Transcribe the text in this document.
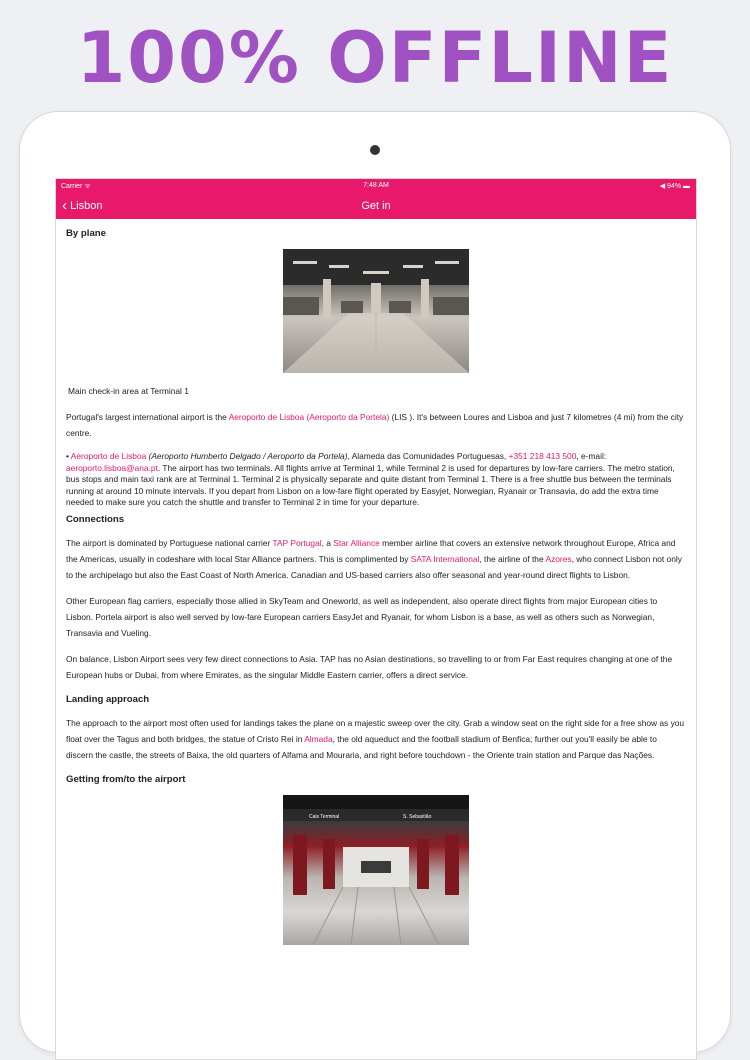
100% OFFLINE
Carrier ᯤ	7:48 AM	◀ 94% ▬
‹ Lisbon	Get in
By plane

Main check-in area at Terminal 1

Portugal's largest international airport is the Aeroporto de Lisboa (Aeroporto da Portela) (LIS ). It's between Loures and Lisboa and just 7 kilometres (4 mi) from the city centre.

• Aeroporto de Lisboa (Aeroporto Humberto Delgado / Aeroporto da Portela), Alameda das Comunidades Portuguesas, +351 218 413 500, e-mail: aeroporto.lisboa@ana.pt. The airport has two terminals. All flights arrive at Terminal 1, while Terminal 2 is used for departures by low-fare carriers. The metro station, bus stops and main taxi rank are at Terminal 1. Terminal 2 is physically separate and quite distant from Terminal 1. There is a free shuttle bus between the terminals running at around 10 minute intervals. If you depart from Lisbon on a low-fare flight operated by Easyjet, Norwegian, Ryanair or Transavia, do add the extra time needed to make sure you catch the shuttle and transfer to Terminal 2 in time for your departure.

Connections

The airport is dominated by Portuguese national carrier TAP Portugal, a Star Alliance member airline that covers an extensive network throughout Europe, Africa and the Americas, usually in codeshare with local Star Alliance partners. This is complimented by SATA International, the airline of the Azores, who connect Lisbon not only to the archipelago but also the East Coast of North America. Canadian and US-based carriers also offer seasonal and year-round direct flights to Lisbon.

Other European flag carriers, especially those allied in SkyTeam and Oneworld, as well as independent, also operate direct flights from major European cities to Lisbon. Portela airport is also well served by low-fare European carriers EasyJet and Ryanair, for whom Lisbon is a base, as well as others such as Norwegian, Transavia and Vueling.

On balance, Lisbon Airport sees very few direct connections to Asia. TAP has no Asian destinations, so travelling to or from Far East requires changing at one of the European hubs or Dubai, from where Emirates, as the singular Middle Eastern carrier, offers a direct service.

Landing approach

The approach to the airport most often used for landings takes the plane on a majestic sweep over the city. Grab a window seat on the right side for a free show as you float over the Tagus and both bridges, the statue of Cristo Rei in Almada, the old aqueduct and the football stadium of Benfica; further out you'll easily be able to discern the castle, the streets of Baixa, the old quarters of Alfama and Mouraria, and right before touchdown - the Oriente train station and Parque das Nações.

Getting from/to the airport
Cais Terminal	S. Sebastião
